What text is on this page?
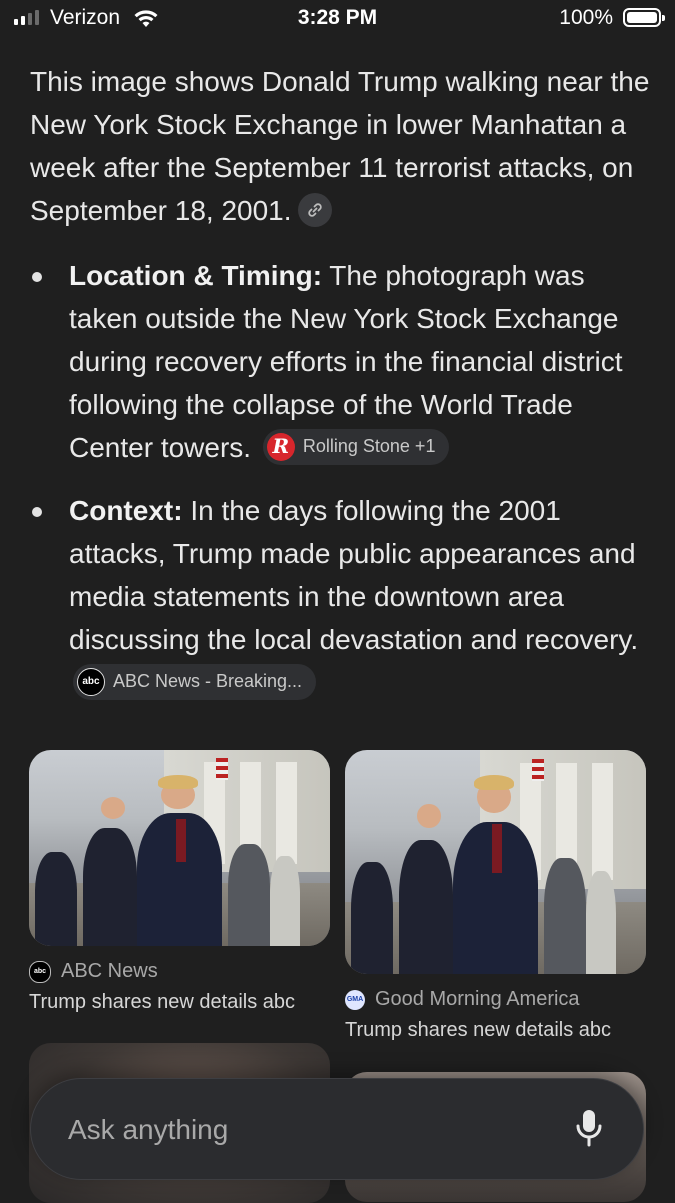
Verizon	3:28 PM	100%

This image shows Donald Trump walking near the New York Stock Exchange in lower Manhattan a week after the September 11 terrorist attacks, on September 18, 2001.

Location & Timing: The photograph was taken outside the New York Stock Exchange during recovery efforts in the financial district following the collapse of the World Trade Center towers. R Rolling Stone +1
Context: In the days following the 2001 attacks, Trump made public appearances and media statements in the downtown area discussing the local devastation and recovery.
abc ABC News - Breaking...
abc ABC News
Trump shares new details abc	GMA Good Morning America
Trump shares new details abc
Ask anything
